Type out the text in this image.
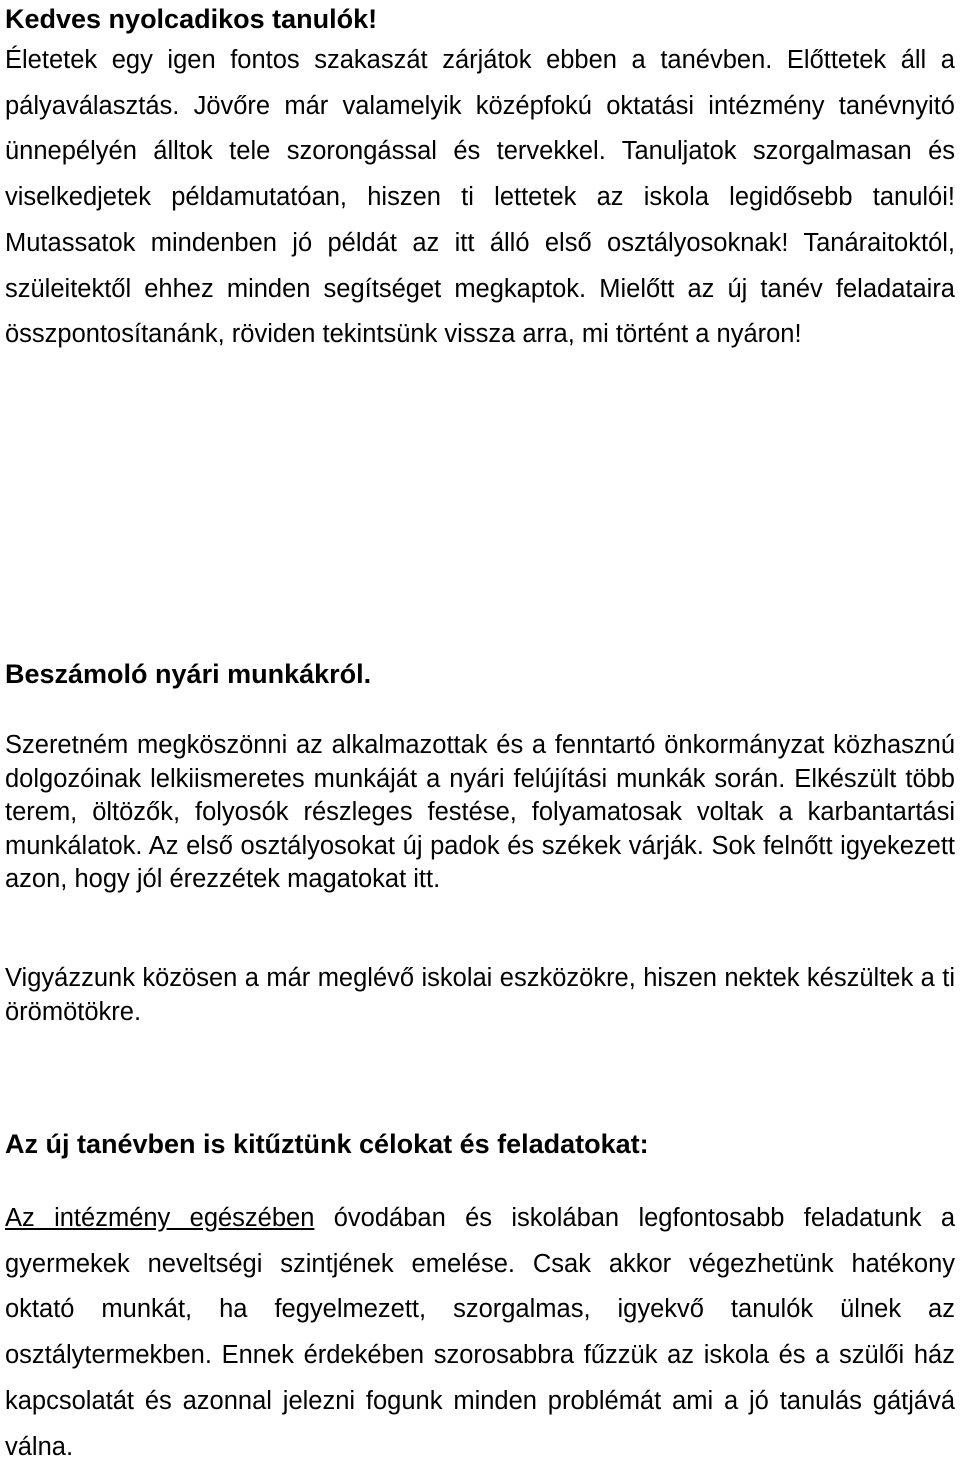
Kedves nyolcadikos tanulók!

Életetek egy igen fontos szakaszát zárjátok ebben a tanévben. Előttetek áll a pályaválasztás. Jövőre már valamelyik középfokú oktatási intézmény tanévnyitó ünnepélyén álltok tele szorongással és tervekkel. Tanuljatok szorgalmasan és viselkedjetek példamutatóan, hiszen ti lettetek az iskola legidősebb tanulói! Mutassatok mindenben jó példát az itt álló első osztályosoknak! Tanáraitoktól, szüleitektől ehhez minden segítséget megkaptok. Mielőtt az új tanév feladataira összpontosítanánk, röviden tekintsünk vissza arra, mi történt a nyáron!

Beszámoló nyári munkákról.

Szeretném megköszönni az alkalmazottak és a fenntartó önkormányzat közhasznú dolgozóinak lelkiismeretes munkáját a nyári felújítási munkák során. Elkészült több terem, öltözők, folyosók részleges festése, folyamatosak voltak a karbantartási munkálatok. Az első osztályosokat új padok és székek várják. Sok felnőtt igyekezett azon, hogy jól érezzétek magatokat itt.

Vigyázzunk közösen a már meglévő iskolai eszközökre, hiszen nektek készültek a ti örömötökre.

Az új tanévben is kitűztünk célokat és feladatokat:

Az intézmény egészében óvodában és iskolában legfontosabb feladatunk a gyermekek neveltségi szintjének emelése. Csak akkor végezhetünk hatékony oktató munkát, ha fegyelmezett, szorgalmas, igyekvő tanulók ülnek az osztálytermekben. Ennek érdekében szorosabbra fűzzük az iskola és a szülői ház kapcsolatát és azonnal jelezni fogunk minden problémát ami a jó tanulás gátjává válna.
